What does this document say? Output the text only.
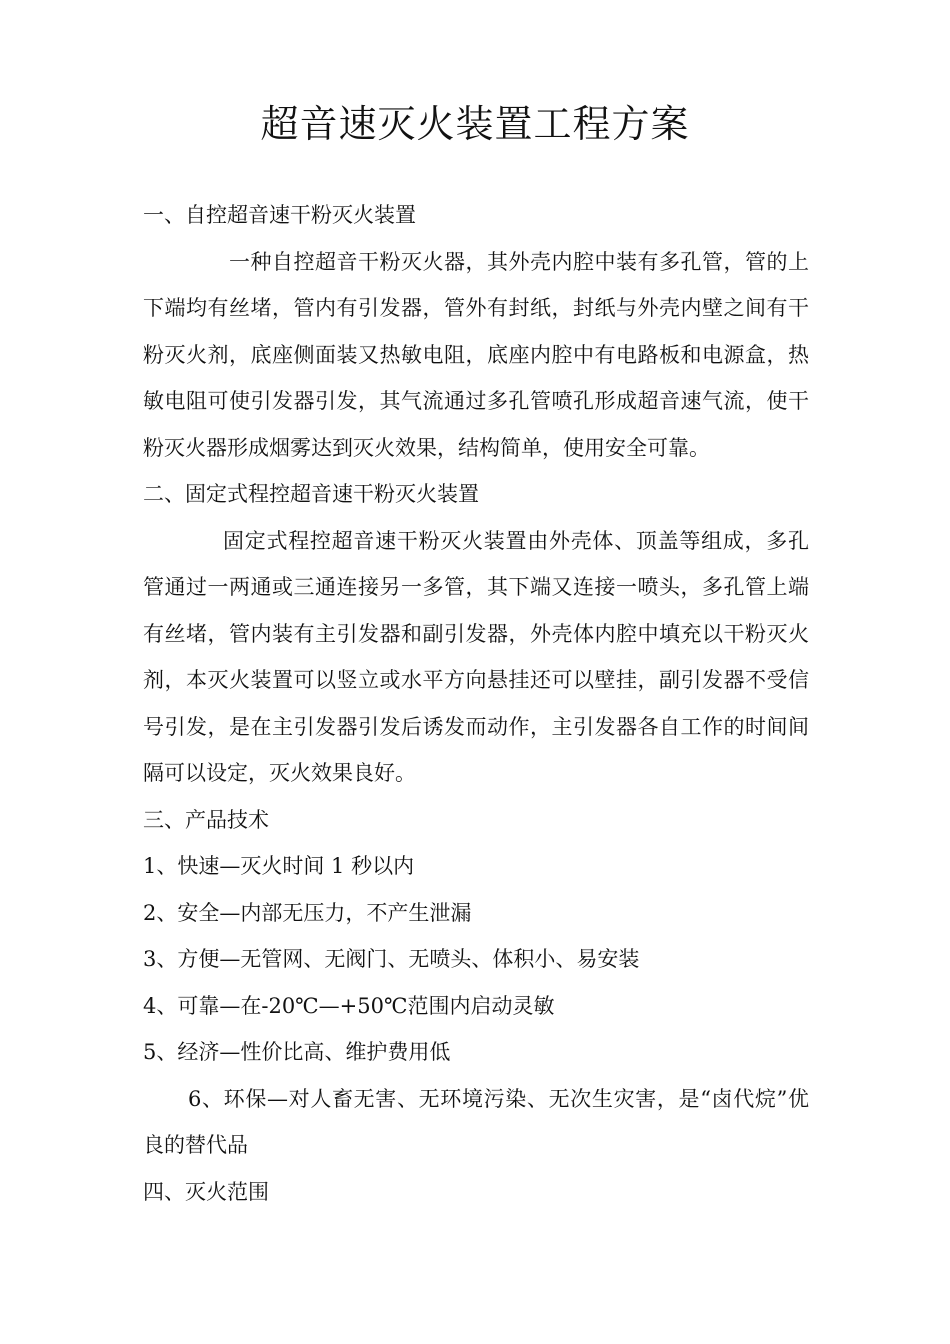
超音速灭火装置工程方案

一、自控超音速干粉灭火装置

一种自控超音干粉灭火器，其外壳内腔中装有多孔管，管的上下端均有丝堵，管内有引发器，管外有封纸，封纸与外壳内壁之间有干粉灭火剂，底座侧面装又热敏电阻，底座内腔中有电路板和电源盒，热敏电阻可使引发器引发，其气流通过多孔管喷孔形成超音速气流，使干粉灭火器形成烟雾达到灭火效果，结构简单，使用安全可靠。

二、固定式程控超音速干粉灭火装置

固定式程控超音速干粉灭火装置由外壳体、顶盖等组成，多孔管通过一两通或三通连接另一多管，其下端又连接一喷头，多孔管上端有丝堵，管内装有主引发器和副引发器，外壳体内腔中填充以干粉灭火剂，本灭火装置可以竖立或水平方向悬挂还可以壁挂，副引发器不受信号引发，是在主引发器引发后诱发而动作，主引发器各自工作的时间间隔可以设定，灭火效果良好。

三、产品技术

1、快速—灭火时间 1 秒以内

2、安全—内部无压力，不产生泄漏

3、方便—无管网、无阀门、无喷头、体积小、易安装

4、可靠—在-20℃—+50℃范围内启动灵敏

5、经济—性价比高、维护费用低

6、环保—对人畜无害、无环境污染、无次生灾害，是“卤代烷”优良的替代品

四、灭火范围
